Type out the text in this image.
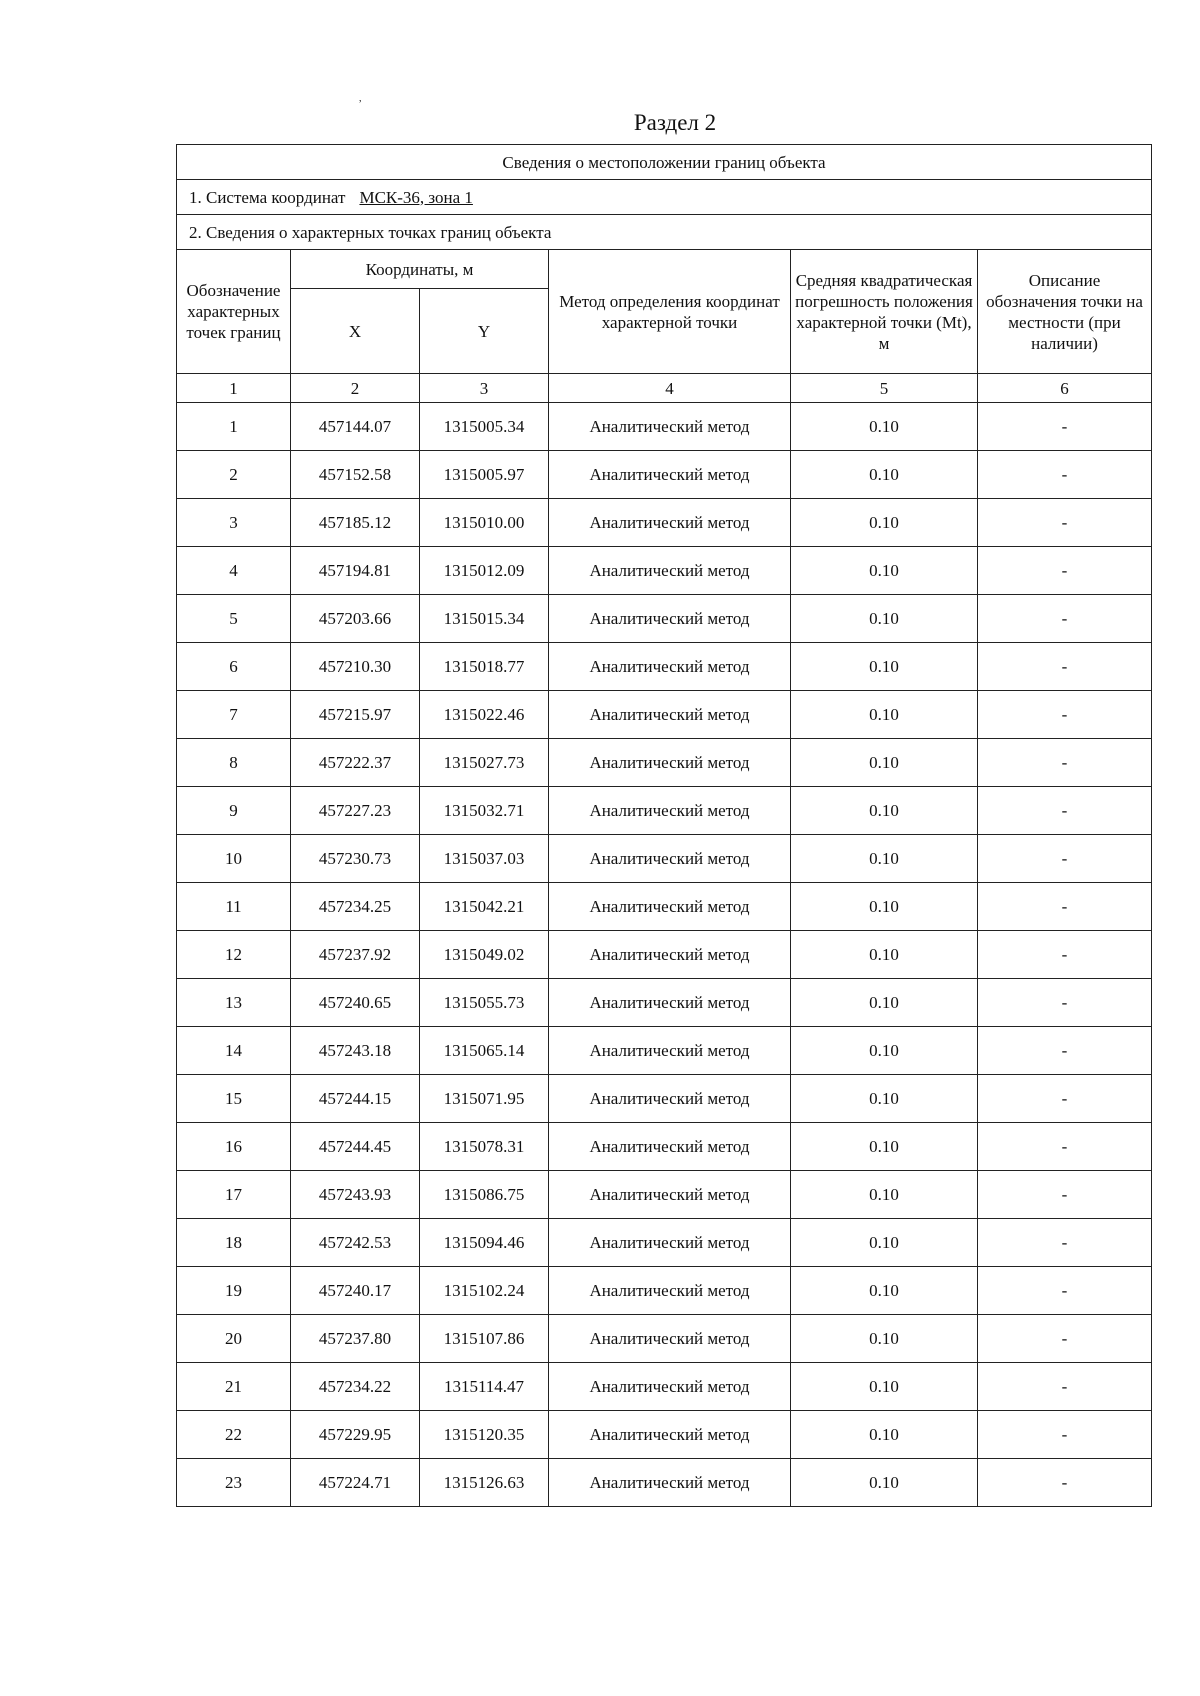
,
Раздел 2
Сведения о местоположении границ объекта					
1. Система координат МСК-36, зона 1					
2. Сведения о характерных точках границ объекта					
Обозначение характерных точек границ	Координаты, м		Метод определения координат характерной точки	Средняя квадратическая погрешность положения характерной точки (Mt), м	Описание обозначения точки на местности (при наличии)
	X	Y			
1	2	3	4	5	6
1	457144.07	1315005.34	Аналитический метод	0.10	-
2	457152.58	1315005.97	Аналитический метод	0.10	-
3	457185.12	1315010.00	Аналитический метод	0.10	-
4	457194.81	1315012.09	Аналитический метод	0.10	-
5	457203.66	1315015.34	Аналитический метод	0.10	-
6	457210.30	1315018.77	Аналитический метод	0.10	-
7	457215.97	1315022.46	Аналитический метод	0.10	-
8	457222.37	1315027.73	Аналитический метод	0.10	-
9	457227.23	1315032.71	Аналитический метод	0.10	-
10	457230.73	1315037.03	Аналитический метод	0.10	-
11	457234.25	1315042.21	Аналитический метод	0.10	-
12	457237.92	1315049.02	Аналитический метод	0.10	-
13	457240.65	1315055.73	Аналитический метод	0.10	-
14	457243.18	1315065.14	Аналитический метод	0.10	-
15	457244.15	1315071.95	Аналитический метод	0.10	-
16	457244.45	1315078.31	Аналитический метод	0.10	-
17	457243.93	1315086.75	Аналитический метод	0.10	-
18	457242.53	1315094.46	Аналитический метод	0.10	-
19	457240.17	1315102.24	Аналитический метод	0.10	-
20	457237.80	1315107.86	Аналитический метод	0.10	-
21	457234.22	1315114.47	Аналитический метод	0.10	-
22	457229.95	1315120.35	Аналитический метод	0.10	-
23	457224.71	1315126.63	Аналитический метод	0.10	-
